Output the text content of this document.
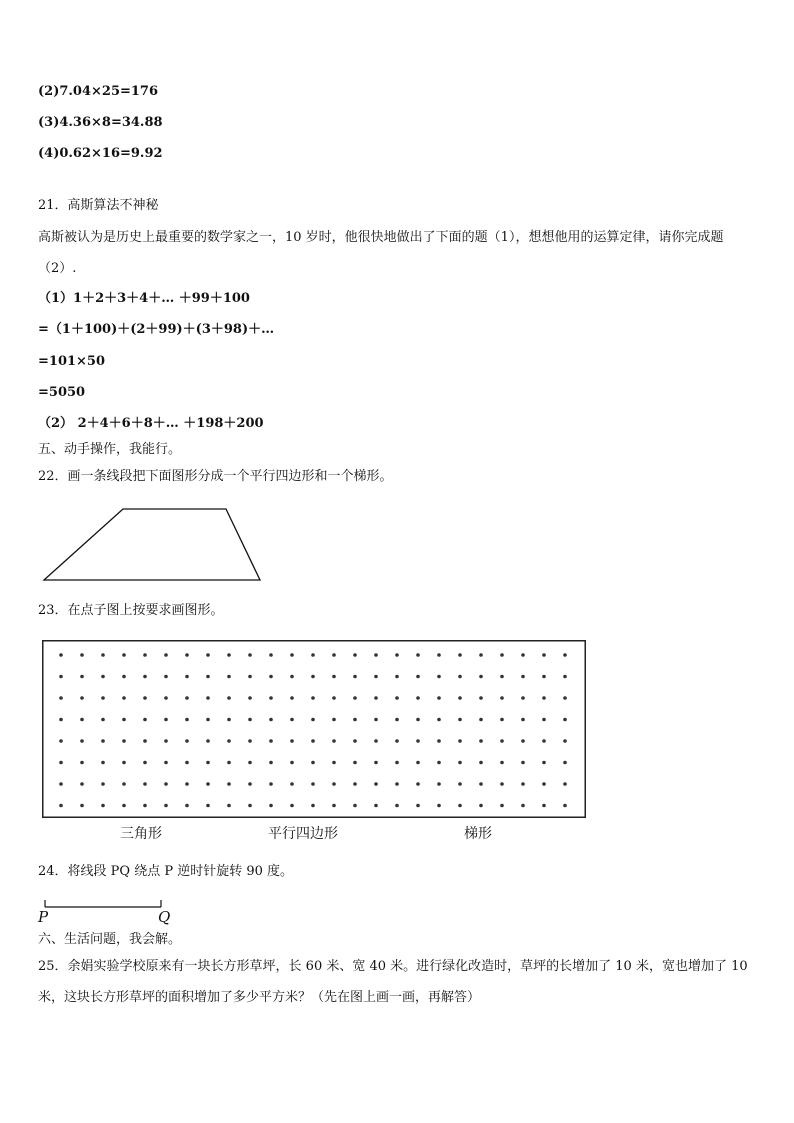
(2)7.04×25=176
(3)4.36×8=34.88
(4)0.62×16=9.92
21．高斯算法不神秘
高斯被认为是历史上最重要的数学家之一，10 岁时，他很快地做出了下面的题（1），想想他用的运算定律，请你完成题（2）.
（1）1＋2＋3＋4＋… ＋99＋100
=（1＋100)＋(2＋99)＋(3＋98)＋…
=101×50
=5050
（2） 2＋4＋6＋8＋… ＋198＋200
五、动手操作，我能行。
22．画一条线段把下面图形分成一个平行四边形和一个梯形。
23．在点子图上按要求画图形。
三角形	平行四边形	梯形
24．将线段 PQ 绕点 P 逆时针旋转 90 度。
P	Q
六、生活问题，我会解。
25．余娟实验学校原来有一块长方形草坪，长 60 米、宽 40 米。进行绿化改造时，草坪的长增加了 10 米，宽也增加了 10 米，这块长方形草坪的面积增加了多少平方米？（先在图上画一画，再解答）
